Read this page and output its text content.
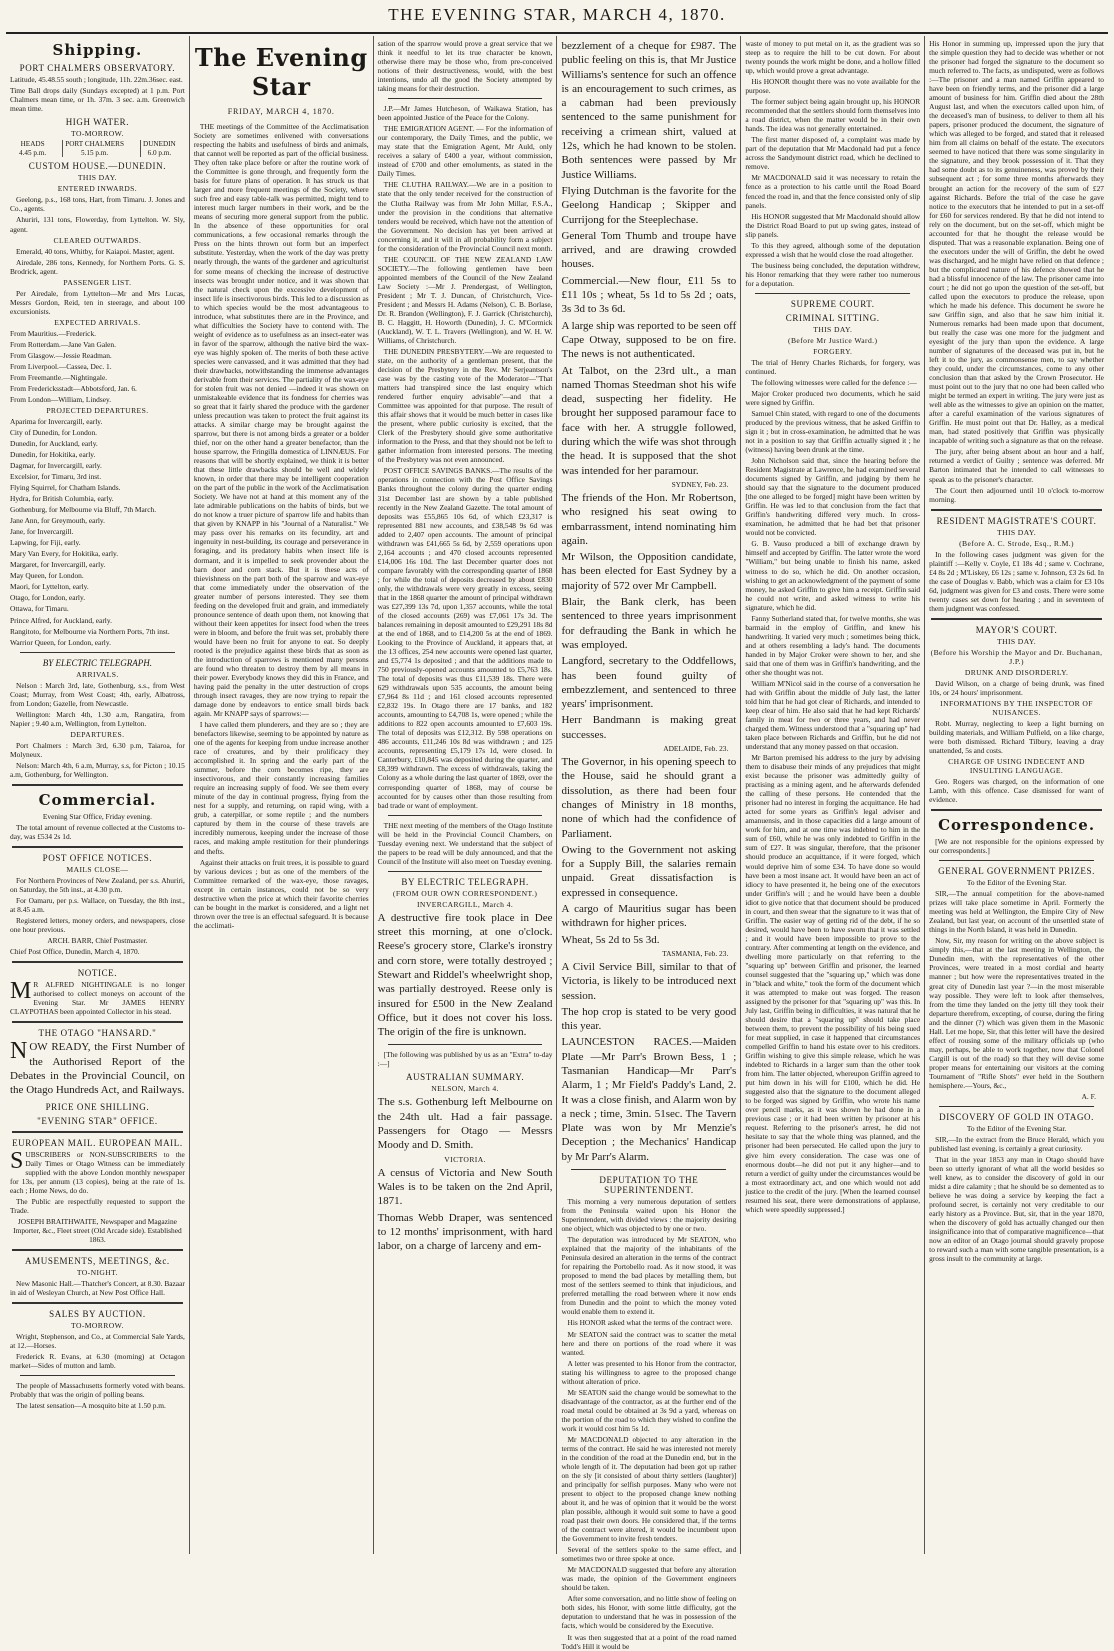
THE EVENING STAR, MARCH 4, 1870.
Shipping.
PORT CHALMERS OBSERVATORY.

Latitude, 45.48.55 south ; longitude, 11h. 22m.36sec. east.

Time Ball drops daily (Sundays excepted) at 1 p.m. Port Chalmers mean time, or 1h. 37m. 3 sec. a.m. Greenwich mean time.

HIGH WATER.
TO-MORROW.
HEADS
4.45 p.m.
PORT CHALMERS
5.15 p.m.
DUNEDIN
6.0 p.m.
CUSTOM HOUSE.—DUNEDIN.
THIS DAY.
ENTERED INWARDS.

Geelong, p.s., 168 tons, Hart, from Timaru. J. Jones and Co., agents.

Ahuriri, 131 tons, Flowerday, from Lyttelton. W. Sly, agent.

CLEARED OUTWARDS.

Emerald, 40 tons, Whitby, for Kaiapoi. Master, agent.

Airedale, 286 tons, Kennedy, for Northern Ports. G. S. Brodrick, agent.

PASSENGER LIST.

Per Airedale, from Lyttelton—Mr and Mrs Lucas, Messrs Gordon, Reid, ten in steerage, and about 100 excursionists.

EXPECTED ARRIVALS.

From Mauritius.—Frederick.

From Rotterdam.—Jane Van Galen.

From Glasgow.—Jessie Readman.

From Liverpool.—Cassea, Dec. 1.

From Freemantle.—Nightingale.

From Fredericksstadt—Abbotsford, Jan. 6.

From London—William, Lindsey.

PROJECTED DEPARTURES.

Aparima for Invercargill, early.

City of Dunedin, for London.

Dunedin, for Auckland, early.

Dunedin, for Hokitika, early.

Dagmar, for Invercargill, early.

Excelsior, for Timaru, 3rd inst.

Flying Squirrel, for Chatham Islands.

Hydra, for British Columbia, early.

Gothenburg, for Melbourne via Bluff, 7th March.

Jane Ann, for Greymouth, early.

Jane, for Invercargill.

Lapwing, for Fiji, early.

Mary Van Every, for Hokitika, early.

Margaret, for Invercargill, early.

May Queen, for London.

Maori, for Lyttelton, early.

Otago, for London, early.

Ottawa, for Timaru.

Prince Alfred, for Auckland, early.

Rangitoto, for Melbourne via Northern Ports, 7th inst.

Warrior Queen, for London, early.

BY ELECTRIC TELEGRAPH.
ARRIVALS.

Nelson : March 3rd, late, Gothenburg, s.s., from West Coast; Murray, from West Coast; 4th, early, Albatross, from London; Gazelle, from Newcastle.

Wellington: March 4th, 1.30 a.m, Rangatira, from Napier ; 9.40 a.m, Wellington, from Lyttelton.

DEPARTURES.

Port Chalmers : March 3rd, 6.30 p.m, Taiaroa, for Molyneux.

Nelson: March 4th, 6 a.m, Murray, s.s, for Picton ; 10.15 a.m, Gothenburg, for Wellington.

Commercial.

Evening Star Office, Friday evening.

The total amount of revenue collected at the Customs to-day, was £534 2s 1d.

POST OFFICE NOTICES.
MAILS CLOSE—

For Northern Provinces of New Zealand, per s.s. Ahuriri, on Saturday, the 5th inst., at 4.30 p.m.

For Oamaru, per p.s. Wallace, on Tuesday, the 8th inst., at 8.45 a.m.

Registered letters, money orders, and newspapers, close one hour previous.

ARCH. BARR, Chief Postmaster.

Chief Post Office, Dunedin, March 4, 1870.

NOTICE.

M R ALFRED NIGHTINGALE is no longer authorised to collect moneys on account of the Evening Star. Mr JAMES HENRY CLAYPOTHAS been appointed Collector in his stead.

THE OTAGO "HANSARD."

NOW READY, the First Number of the Authorised Report of the Debates in the Provincial Council, on the Otago Hundreds Act, and Railways.

PRICE ONE SHILLING.
"EVENING STAR" OFFICE.
EUROPEAN MAIL. EUROPEAN MAIL.

SUBSCRIBERS or NON-SUBSCRIBERS to the Daily Times or Otago Witness can be immediately supplied with the above London monthly newspaper for 13s, per annum (13 copies), being at the rate of 1s. each ; Home News, do do.

The Public are respectfully requested to support the Trade.

JOSEPH BRAITHWAITE, Newspaper and Magazine Importer, &c., Fleet street (Old Arcade side). Established 1863.

AMUSEMENTS, MEETINGS, &c.
TO-NIGHT.

New Masonic Hall.—Thatcher's Concert, at 8.30. Bazaar in aid of Wesleyan Church, at New Post Office Hall.

SALES BY AUCTION.
TO-MORROW.

Wright, Stephenson, and Co., at Commercial Sale Yards, at 12.—Horses.

Frederick R. Evans, at 6.30 (morning) at Octagon market—Sides of mutton and lamb.

The people of Massachusetts formerly voted with beans. Probably that was the origin of polling beans.

The latest sensation—A mosquito bite at 1.50 p.m.

The Evening Star
FRIDAY, MARCH 4, 1870.

THE meetings of the Committee of the Acclimatisation Society are sometimes enlivened with conversations respecting the habits and usefulness of birds and animals, that cannot well be reported as part of the official business. They often take place before or after the routine work of the Committee is gone through, and frequently form the basis for future plans of operation. It has struck us that larger and more frequent meetings of the Society, where such free and easy table-talk was permitted, might tend to interest much larger numbers in their work, and be the means of securing more general support from the public. In the absence of these opportunities for oral communications, a few occasional remarks through the Press on the hints thrown out form but an imperfect substitute. Yesterday, when the work of the day was pretty nearly through, the wants of the gardener and agriculturist for some means of checking the increase of destructive insects was brought under notice, and it was shown that the natural check upon the excessive development of insect life is insectivorous birds. This led to a discussion as to which species would be the most advantageous to introduce, what substitutes there are in the Province, and what difficulties the Society have to contend with. The weight of evidence as to usefulness as an insect-eater was in favor of the sparrow, although the native bird the wax-eye was highly spoken of. The merits of both these active species were canvassed, and it was admitted that they had their drawbacks, notwithstanding the immense advantages derivable from their services. The partiality of the wax-eye for stolen fruit was not denied —indeed it was shown on unmistakeable evidence that its fondness for cherries was so great that it fairly shared the produce with the gardener unless precaution was taken to protect the fruit against its attacks. A similar charge may be brought against the sparrow, but there is not among birds a greater or a bolder thief, nor on the other hand a greater benefactor, than the house sparrow, the Fringilla domestica of LINNÆUS. For reasons that will be shortly explained, we think it is better that these little drawbacks should be well and widely known, in order that there may be intelligent cooperation on the part of the public in the work of the Acclimatisation Society. We have not at hand at this moment any of the late admirable publications on the habits of birds, but we do not know a truer picture of sparrow life and habits than that given by KNAPP in his "Journal of a Naturalist." We may pass over his remarks on its fecundity, art and ingenuity in nest-building, its courage and perseverance in foraging, and its predatory habits when insect life is dormant, and it is impelled to seek provender about the barn door and corn stack. But it is these acts of thievishness on the part both of the sparrow and wax-eye that come immediately under the observation of the greater number of persons interested. They see them feeding on the developed fruit and grain, and immediately pronounce sentence of death upon them, not knowing that without their keen appetites for insect food when the trees were in bloom, and before the fruit was set, probably there would have been no fruit for anyone to eat. So deeply rooted is the prejudice against these birds that as soon as the introduction of sparrows is mentioned many persons are found who threaten to destroy them by all means in their power. Everybody knows they did this in France, and having paid the penalty in the utter destruction of crops through insect ravages, they are now trying to repair the damage done by endeavors to entice small birds back again. Mr KNAPP says of sparrows:—

I have called them plunderers, and they are so ; they are benefactors likewise, seeming to be appointed by nature as one of the agents for keeping from undue increase another race of creatures, and by their prolificacy they accomplished it. In spring and the early part of the summer, before the corn becomes ripe, they are insectivorous, and their constantly increasing families require an increasing supply of food. We see them every minute of the day in continual progress, flying from the nest for a supply, and returning, on rapid wing, with a grub, a caterpillar, or some reptile ; and the numbers captured by them in the course of these travels are incredibly numerous, keeping under the increase of those races, and making ample restitution for their plunderings and thefts.

Against their attacks on fruit trees, it is possible to guard by various devices ; but as one of the members of the Committee remarked of the wax-eye, those ravages, except in certain instances, could not be so very destructive when the price at which their favorite cherries can be bought in the market is considered, and a light net thrown over the tree is an effectual safeguard. It is because the acclimati-

sation of the sparrow would prove a great service that we think it needful to let its true character be known, otherwise there may be those who, from pre-conceived notions of their destructiveness, would, with the best intentions, undo all the good the Society attempted by taking means for their destruction.

J.P.—Mr James Hutcheson, of Waikawa Station, has been appointed Justice of the Peace for the Colony.

THE EMIGRATION AGENT. — For the information of our contemporary, the Daily Times, and the public, we may state that the Emigration Agent, Mr Auld, only receives a salary of £400 a year, without commission, instead of £700 and other emoluments, as stated in the Daily Times.

THE CLUTHA RAILWAY.—We are in a position to state that the only tender received for the construction of the Clutha Railway was from Mr John Millar, F.S.A., under the provision in the conditions that alternative tenders would be received, which have not the attention of the Government. No decision has yet been arrived at concerning it, and it will in all probability form a subject for the consideration of the Provincial Council next month.

THE COUNCIL OF THE NEW ZEALAND LAW SOCIETY.—The following gentlemen have been appointed members of the Council of the New Zealand Law Society :—Mr J. Prendergast, of Wellington, President ; Mr T. J. Duncan, of Christchurch, Vice-President ; and Messrs H. Adams (Nelson), C. B. Borlase, Dr. R. Brandon (Wellington), F. J. Garrick (Christchurch), B. C. Haggitt, H. Howorth (Dunedin), J. C. M'Cormick (Auckland), W. T. L. Travers (Wellington), and W. H. W. Williams, of Christchurch.

THE DUNEDIN PRESBYTERY.—We are requested to state, on the authority of a gentleman present, that the decision of the Presbytery in the Rev. Mr Serjeantson's case was by the casting vote of the Moderator—"That matters had transpired since the last enquiry which rendered further enquiry advisable"—and that a Committee was appointed for that purpose. The result of this affair shows that it would be much better in cases like the present, where public curiosity is excited, that the Clerk of the Presbytery should give some authoritative information to the Press, and that they should not be left to gather information from interested persons. The meeting of the Presbytery was not even announced.

POST OFFICE SAVINGS BANKS.—The results of the operations in connection with the Post Office Savings Banks throughout the colony during the quarter ending 31st December last are shown by a table published recently in the New Zealand Gazette. The total amount of deposits was £55,865 10s 6d, of which £23,317 is represented 881 new accounts, and £38,548 9s 6d was added to 2,407 open accounts. The amount of principal withdrawn was £41,665 5s 6d, by 2,559 operations upon 2,164 accounts ; and 470 closed accounts represented £14,006 16s 10d. The last December quarter does not compare favorably with the corresponding quarter of 1868 ; for while the total of deposits decreased by about £830 only, the withdrawals were very greatly in excess, seeing that in the 1868 quarter the amount of principal withdrawn was £27,399 13s 7d, upon 1,357 accounts, while the total of the closed accounts (269) was £7,061 17s 3d. The balances remaining in deposit amounted to £29,291 18s 8d at the end of 1868, and to £14,200 5s at the end of 1869. Looking to the Province of Auckland, it appears that, at the 13 offices, 254 new accounts were opened last quarter, and £5,774 1s deposited ; and that the additions made to 750 previously-opened accounts amounted to £5,763 18s. The total of deposits was thus £11,539 18s. There were 629 withdrawals upon 535 accounts, the amount being £7,964 8s 11d ; and 161 closed accounts represented £2,832 19s. In Otago there are 17 banks, and 182 accounts, amounting to £4,708 1s, were opened ; while the additions to 822 open accounts amounted to £7,603 19s. The total of deposits was £12,312. By 598 operations on 486 accounts, £11,246 10s 8d was withdrawn ; and 125 accounts, representing £5,179 17s 1d, were closed. In Canterbury, £10,845 was deposited during the quarter, and £8,399 withdrawn. The excess of withdrawals, taking the Colony as a whole during the last quarter of 1869, over the corresponding quarter of 1868, may of course be accounted for by causes other than those resulting from bad trade or want of employment.

THE next meeting of the members of the Otago Institute will be held in the Provincial Council Chambers, on Tuesday evening next. We understand that the subject of the papers to be read will be duly announced, and that the Council of the Institute will also meet on Tuesday evening.

BY ELECTRIC TELEGRAPH.
(FROM OUR OWN CORRESPONDENT.)
INVERCARGILL, March 4.

A destructive fire took place in Dee street this morning, at one o'clock. Reese's grocery store, Clarke's ironstry and corn store, were totally destroyed ; Stewart and Riddel's wheelwright shop, was partially destroyed. Reese only is insured for £500 in the New Zealand Office, but it does not cover his loss. The origin of the fire is unknown.

[The following was published by us as an "Extra" to-day :—]

AUSTRALIAN SUMMARY.
NELSON, March 4.

The s.s. Gothenburg left Melbourne on the 24th ult. Had a fair passage. Passengers for Otago — Messrs Moody and D. Smith.

VICTORIA.

A census of Victoria and New South Wales is to be taken on the 2nd April, 1871.

Thomas Webb Draper, was sentenced to 12 months' imprisonment, with hard labor, on a charge of larceny and em-

bezzlement of a cheque for £987. The public feeling on this is, that Mr Justice Williams's sentence for such an offence is an encouragement to such crimes, as a cabman had been previously sentenced to the same punishment for receiving a crimean shirt, valued at 12s, which he had known to be stolen. Both sentences were passed by Mr Justice Williams.

Flying Dutchman is the favorite for the Geelong Handicap ; Skipper and Currijong for the Steeplechase.

General Tom Thumb and troupe have arrived, and are drawing crowded houses.

Commercial.—New flour, £11 5s to £11 10s ; wheat, 5s 1d to 5s 2d ; oats, 3s 3d to 3s 6d.

A large ship was reported to be seen off Cape Otway, supposed to be on fire. The news is not authenticated.

At Talbot, on the 23rd ult., a man named Thomas Steedman shot his wife dead, suspecting her fidelity. He brought her supposed paramour face to face with her. A struggle followed, during which the wife was shot through the head. It is supposed that the shot was intended for her paramour.

SYDNEY, Feb. 23.

The friends of the Hon. Mr Robertson, who resigned his seat owing to embarrassment, intend nominating him again.

Mr Wilson, the Opposition candidate, has been elected for East Sydney by a majority of 572 over Mr Campbell.

Blair, the Bank clerk, has been sentenced to three years imprisonment for defrauding the Bank in which he was employed.

Langford, secretary to the Oddfellows, has been found guilty of embezzlement, and sentenced to three years' imprisonment.

Herr Bandmann is making great successes.

ADELAIDE, Feb. 23.

The Governor, in his opening speech to the House, said he should grant a dissolution, as there had been four changes of Ministry in 18 months, none of which had the confidence of Parliament.

Owing to the Government not asking for a Supply Bill, the salaries remain unpaid. Great dissatisfaction is expressed in consequence.

A cargo of Mauritius sugar has been withdrawn for higher prices.

Wheat, 5s 2d to 5s 3d.

TASMANIA, Feb. 23.

A Civil Service Bill, similar to that of Victoria, is likely to be introduced next session.

The hop crop is stated to be very good this year.

LAUNCESTON RACES.—Maiden Plate —Mr Parr's Brown Bess, 1 ; Tasmanian Handicap—Mr Parr's Alarm, 1 ; Mr Field's Paddy's Land, 2. It was a close finish, and Alarm won by a neck ; time, 3min. 51sec. The Tavern Plate was won by Mr Menzie's Deception ; the Mechanics' Handicap by Mr Parr's Alarm.

DEPUTATION TO THE SUPERINTENDENT.

This morning a very numerous deputation of settlers from the Peninsula waited upon his Honor the Superintendent, with divided views : the majority desiring one object, which was objected to by one or two.

The deputation was introduced by Mr SEATON, who explained that the majority of the inhabitants of the Peninsula desired an alteration in the terms of the contract for repairing the Portobello road. As it now stood, it was proposed to mend the bad places by metalling them, but most of the settlers seemed to think that injudicious, and preferred metalling the road between where it now ends from Dunedin and the point to which the money voted would enable them to extend it.

His HONOR asked what the terms of the contract were.

Mr SEATON said the contract was to scatter the metal here and there on portions of the road where it was wanted.

A letter was presented to his Honor from the contractor, stating his willingness to agree to the proposed change without alteration of price.

Mr SEATON said the change would be somewhat to the disadvantage of the contractor, as at the further end of the road metal could be obtained at 3s 9d a yard, whereas on the portion of the road to which they wished to confine the work it would cost him 5s 1d.

Mr MACDONALD objected to any alteration in the terms of the contract. He said he was interested not merely in the condition of the road at the Dunedin end, but in the whole length of it. The deputation had been got up rather on the sly [it consisted of about thirty settlers (laughter)] and principally for selfish purposes. Many who were not present to object to the proposed change knew nothing about it, and he was of opinion that it would be the worst plan possible, although it would suit some to have a good road past their own doors. He considered that, if the terms of the contract were altered, it would be incumbent upon the Government to invite fresh tenders.

Several of the settlers spoke to the same effect, and sometimes two or three spoke at once.

Mr MACDONALD suggested that before any alteration was made, the opinion of the Government engineers should be taken.

After some conversation, and no little show of feeling on both sides, his Honor, with some little difficulty, got the deputation to understand that he was in possession of the facts, which would be considered by the Executive.

It was then suggested that at a point of the road named Todd's Hill it would be

waste of money to put metal on it, as the gradient was so steep as to require the hill to be cut down. For about twenty pounds the work might be done, and a hollow filled up, which would prove a great advantage.

His HONOR thought there was no vote available for the purpose.

The former subject being again brought up, his HONOR recommended that the settlers should form themselves into a road district, when the matter would be in their own hands. The idea was not generally entertained.

The first matter disposed of, a complaint was made by part of the deputation that Mr Macdonald had put a fence across the Sandymount district road, which he declined to remove.

Mr MACDONALD said it was necessary to retain the fence as a protection to his cattle until the Road Board fenced the road in, and that the fence consisted only of slip panels.

His HONOR suggested that Mr Macdonald should allow the District Road Board to put up swing gates, instead of slip panels.

To this they agreed, although some of the deputation expressed a wish that he would close the road altogether.

The business being concluded, the deputation withdrew, his Honor remarking that they were rather too numerous for a deputation.

SUPREME COURT.
CRIMINAL SITTING.
THIS DAY.
(Before Mr Justice Ward.)
FORGERY.

The trial of Henry Charles Richards, for forgery, was continued.

The following witnesses were called for the defence :—

Major Croker produced two documents, which he said were signed by Griffin.

Samuel Chin stated, with regard to one of the documents produced by the previous witness, that he asked Griffin to sign it ; but in cross-examination, he admitted that he was not in a position to say that Griffin actually signed it ; he (witness) having been drunk at the time.

John Nicholson said that, since the hearing before the Resident Magistrate at Lawrence, he had examined several documents signed by Griffin, and judging by them he should say that the signature to the document produced [the one alleged to be forged] might have been written by Griffin. He was led to that conclusion from the fact that Griffin's handwriting differed very much. In cross-examination, he admitted that he had bet that prisoner would not be convicted.

G. B. Vauso produced a bill of exchange drawn by himself and accepted by Griffin. The latter wrote the word "William," but being unable to finish his name, asked witness to do so, which he did. On another occasion, wishing to get an acknowledgment of the payment of some money, he asked Griffin to give him a receipt. Griffin said he could not write, and asked witness to write his signature, which he did.

Fanny Sutherland stated that, for twelve months, she was barmaid in the employ of Griffin, and knew his handwriting. It varied very much ; sometimes being thick, and at others resembling a lady's hand. The documents handed in by Major Croker were shown to her, and she said that one of them was in Griffin's handwriting, and the other she thought was not.

William M'Nicol said in the course of a conversation he had with Griffin about the middle of July last, the latter told him that he had got clear of Richards, and intended to keep clear of him. He also said that he had kept Richards' family in meat for two or three years, and had never charged them. Witness understood that a "squaring up" had taken place between Richards and Griffin, but he did not understand that any money passed on that occasion.

Mr Barton premised his address to the jury by advising them to disabuse their minds of any prejudices that might exist because the prisoner was admittedly guilty of practising as a mining agent, and he afterwards defended the calling of these persons. He contended that the prisoner had no interest in forging the acquittance. He had acted for some years as Griffin's legal adviser and amanuensis, and in those capacities did a large amount of work for him, and at one time was indebted to him in the sum of £60, while he was only indebted to Griffin in the sum of £27. It was singular, therefore, that the prisoner should produce an acquittance, if it were forged, which would deprive him of some £34. To have done so would have been a most insane act. It would have been an act of idiocy to have presented it, he being one of the executors under Griffin's will ; and he would have been a double idiot to give notice that that document should be produced in court, and then swear that the signature to it was that of Griffin. The easier way of getting rid of the debt, if he so desired, would have been to have sworn that it was settled ; and it would have been impossible to prove to the contrary. After commenting at length on the evidence, and dwelling more particularly on that referring to the "squaring up" between Griffin and prisoner, the learned counsel suggested that the "squaring up," which was done in "black and white," took the form of the document which it was attempted to make out was forged. The reason assigned by the prisoner for that "squaring up" was this. In July last, Griffin being in difficulties, it was natural that he should desire that a "squaring up" should take place between them, to prevent the possibility of his being sued for meat supplied, in case it happened that circumstances compelled Griffin to hand his estate over to his creditors. Griffin wishing to give this simple release, which he was indebted to Richards in a larger sum than the other took from him. The latter objected, whereupon Griffin agreed to put him down in his will for £100, which he did. He suggested also that the signature to the document alleged to be forged was signed by Griffin, who wrote his name over pencil marks, as it was shown he had done in a previous case ; or it had been written by prisoner at his request. Referring to the prisoner's arrest, he did not hesitate to say that the whole thing was planned, and the prisoner had been persecuted. He called upon the jury to give him every consideration. The case was one of enormous doubt—he did not put it any higher—and to return a verdict of guilty under the circumstances would be a most extraordinary act, and one which would not add justice to the credit of the jury. [When the learned counsel resumed his seat, there were demonstrations of applause, which were speedily suppressed.]

His Honor in summing up, impressed upon the jury that the simple question they had to decide was whether or not the prisoner had forged the signature to the document so much referred to. The facts, as undisputed, were as follows :—The prisoner and a man named Griffin appeared to have been on friendly terms, and the prisoner did a large amount of business for him. Griffin died about the 28th August last, and when the executors called upon him, of the deceased's man of business, to deliver to them all his papers, prisoner produced the document, the signature of which was alleged to be forged, and stated that it released him from all claims on behalf of the estate. The executors seemed to have noticed that there was some singularity in the signature, and they brook possession of it. That they had some doubt as to its genuineness, was proved by their subsequent act ; for some three months afterwards they brought an action for the recovery of the sum of £27 against Richards. Before the trial of the case he gave notice to the executors that he intended to put in a set-off for £60 for services rendered. By that he did not intend to rely on the document, but on the set-off, which might be accounted for that he thought the release would be disputed. That was a reasonable explanation. Being one of the executors under the will of Griffin, the debt he owed was discharged, and he might have relied on that defence ; but the complicated nature of his defence showed that he had a blissful innocence of the law. The prisoner came into court ; he did not go upon the question of the set-off, but called upon the executors to produce the release, upon which he made his defence. This document he swore he saw Griffin sign, and also that he saw him initial it. Numerous remarks had been made upon that document, but really the case was one more for the judgment and eyesight of the jury than upon the evidence. A large number of signatures of the deceased was put in, but he left it to the jury, as commonsense men, to say whether they could, under the circumstances, come to any other conclusion than that asked by the Crown Prosecutor. He must point out to the jury that no one had been called who might be termed an expert in writing. The jury were just as well able as the witnesses to give an opinion on the matter, after a careful examination of the various signatures of Griffin. He must point out that Dr. Halley, as a medical man, had stated positively that Griffin was physically incapable of writing such a signature as that on the release.

The jury, after being absent about an hour and a half, returned a verdict of Guilty ; sentence was deferred. Mr Barton intimated that he intended to call witnesses to speak as to the prisoner's character.

The Court then adjourned until 10 o'clock to-morrow morning.

RESIDENT MAGISTRATE'S COURT.
THIS DAY.
(Before A. C. Strode, Esq., R.M.)

In the following cases judgment was given for the plaintiff :—Kelly v. Coyle, £1 18s 4d ; same v. Cochrane, £4 8s 2d ; M'Liskey, £6 12s ; same v. Johnson, £3 2s 6d. In the case of Douglas v. Babb, which was a claim for £3 10s 6d, judgment was given for £3 and costs. There were some twenty cases set down for hearing ; and in seventeen of them judgment was confessed.

MAYOR'S COURT.
THIS DAY.
(Before his Worship the Mayor and Dr. Buchanan, J.P.)
DRUNK AND DISORDERLY.

David Wilson, on a charge of being drunk, was fined 10s, or 24 hours' imprisonment.

INFORMATIONS BY THE INSPECTOR OF NUISANCES.

Robt. Murray, neglecting to keep a light burning on building materials, and William Pulfield, on a like charge, were both dismissed. Richard Tilbury, leaving a dray unattended, 5s and costs.

CHARGE OF USING INDECENT AND INSULTING LANGUAGE.

Geo. Rogers was charged, on the information of one Lamb, with this offence. Case dismissed for want of evidence.

Correspondence.

[We are not responsible for the opinions expressed by our correspondents.]

GENERAL GOVERNMENT PRIZES.

To the Editor of the Evening Star.

SIR,—The annual competition for the above-named prizes will take place sometime in April. Formerly the meeting was held at Wellington, the Empire City of New Zealand, but last year, on account of the unsettled state of things in the North Island, it was held in Dunedin.

Now, Sir, my reason for writing on the above subject is simply this,—that at the last meeting in Wellington, the Dunedin men, with the representatives of the other Provinces, were treated in a most cordial and hearty manner ; but how were the representatives treated in the great city of Dunedin last year ?—in the most miserable way possible. They were left to look after themselves, from the time they landed on the jetty till they took their departure therefrom, excepting, of course, during the firing and the dinner (?) which was given them in the Masonic Hall. Let me hope, Sir, that this letter will have the desired effect of rousing some of the military officials up (who may, perhaps, be able to work together, now that Colonel Cargill is out of the road) so that they will devise some proper means for entertaining our visitors at the coming Tournament of "Rifle Shots" ever held in the Southern hemisphere.—Yours, &c.,

A. F.

DISCOVERY OF GOLD IN OTAGO.

To the Editor of the Evening Star.

SIR,—In the extract from the Bruce Herald, which you published last evening, is certainly a great curiosity.

That in the year 1853 any man in Otago should have been so utterly ignorant of what all the world besides so well knew, as to consider the discovery of gold in our midst a dire calamity ; that he should be so demented as to believe he was doing a service by keeping the fact a profound secret, is certainly not very creditable to our early history as a Province. But, sir, that in the year 1870, when the discovery of gold has actually changed our then insignificance into that of comparative magnificence—that now an editor of an Otago journal should gravely propose to reward such a man with some tangible presentation, is a gross insult to the community at large.
